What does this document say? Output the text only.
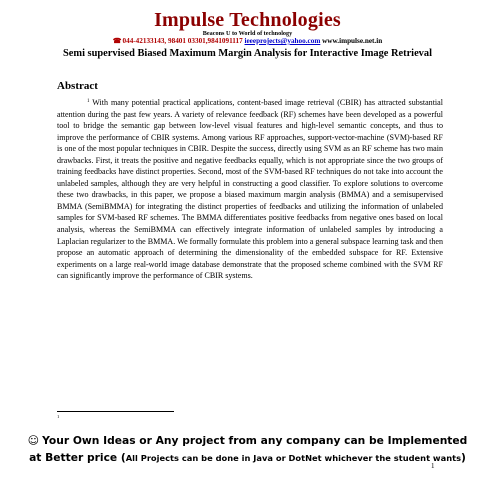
Impulse Technologies
Beacons U to World of technology
☎044-42133143, 98401 03301,9841091117 ieeeprojects@yahoo.com www.impulse.net.in
Semi supervised Biased Maximum Margin Analysis for Interactive Image Retrieval
Abstract
$^1$ With many potential practical applications, content-based image retrieval (CBIR) has attracted substantial attention during the past few years. A variety of relevance feedback (RF) schemes have been developed as a powerful tool to bridge the semantic gap between low-level visual features and high-level semantic concepts, and thus to improve the performance of CBIR systems. Among various RF approaches, support-vector-machine (SVM)-based RF is one of the most popular techniques in CBIR. Despite the success, directly using SVM as an RF scheme has two main drawbacks. First, it treats the positive and negative feedbacks equally, which is not appropriate since the two groups of training feedbacks have distinct properties. Second, most of the SVM-based RF techniques do not take into account the unlabeled samples, although they are very helpful in constructing a good classifier. To explore solutions to overcome these two drawbacks, in this paper, we propose a biased maximum margin analysis (BMMA) and a semisupervised BMMA (SemiBMMA) for integrating the distinct properties of feedbacks and utilizing the information of unlabeled samples for SVM-based RF schemes. The BMMA differentiates positive feedbacks from negative ones based on local analysis, whereas the SemiBMMA can effectively integrate information of unlabeled samples by introducing a Laplacian regularizer to the BMMA. We formally formulate this problem into a general subspace learning task and then propose an automatic approach of determining the dimensionality of the embedded subspace for RF. Extensive experiments on a large real-world image database demonstrate that the proposed scheme combined with the SVM RF can significantly improve the performance of CBIR systems.
1
☺ Your Own Ideas or Any project from any company can be Implemented
at Better price (All Projects can be done in Java or DotNet whichever the student wants)
1
